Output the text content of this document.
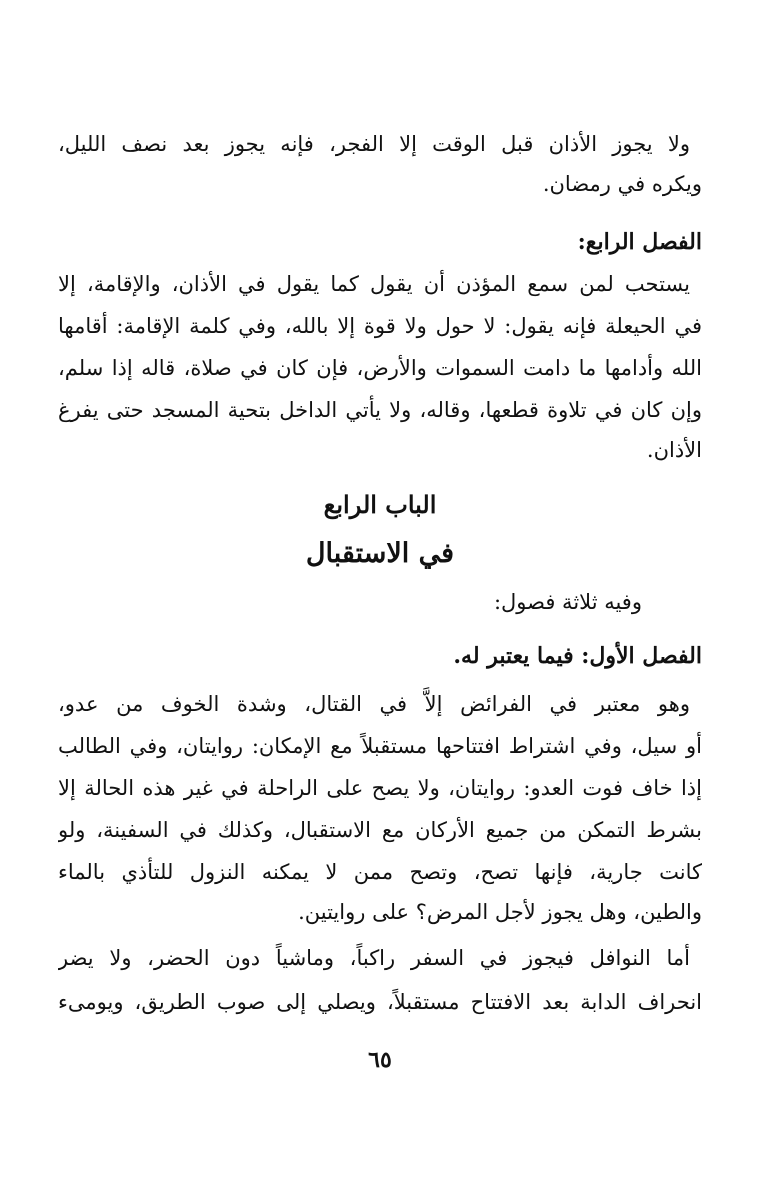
ولا يجوز الأذان قبل الوقت إلا الفجر، فإنه يجوز بعد نصف الليل،
ويكره في رمضان.
الفصل الرابع:
يستحب لمن سمع المؤذن أن يقول كما يقول في الأذان، والإقامة، إلا
في الحيعلة فإنه يقول: لا حول ولا قوة إلا بالله، وفي كلمة الإقامة: أقامها
الله وأدامها ما دامت السموات والأرض، فإن كان في صلاة، قاله إذا سلم،
وإن كان في تلاوة قطعها، وقاله، ولا يأتي الداخل بتحية المسجد حتى يفرغ
الأذان.
الباب الرابع
في الاستقبال
وفيه ثلاثة فصول:
الفصل الأول: فيما يعتبر له.
وهو معتبر في الفرائض إلاَّ في القتال، وشدة الخوف من عدو،
أو سيل، وفي اشتراط افتتاحها مستقبلاً مع الإمكان: روايتان، وفي الطالب
إذا خاف فوت العدو: روايتان، ولا يصح على الراحلة في غير هذه الحالة إلا
بشرط التمكن من جميع الأركان مع الاستقبال، وكذلك في السفينة، ولو
كانت جارية، فإنها تصح، وتصح ممن لا يمكنه النزول للتأذي بالماء
والطين، وهل يجوز لأجل المرض؟ على روايتين.
أما النوافل فيجوز في السفر راكباً، وماشياً دون الحضر، ولا يضر
انحراف الدابة بعد الافتتاح مستقبلاً، ويصلي إلى صوب الطريق، ويومىء
٦٥
